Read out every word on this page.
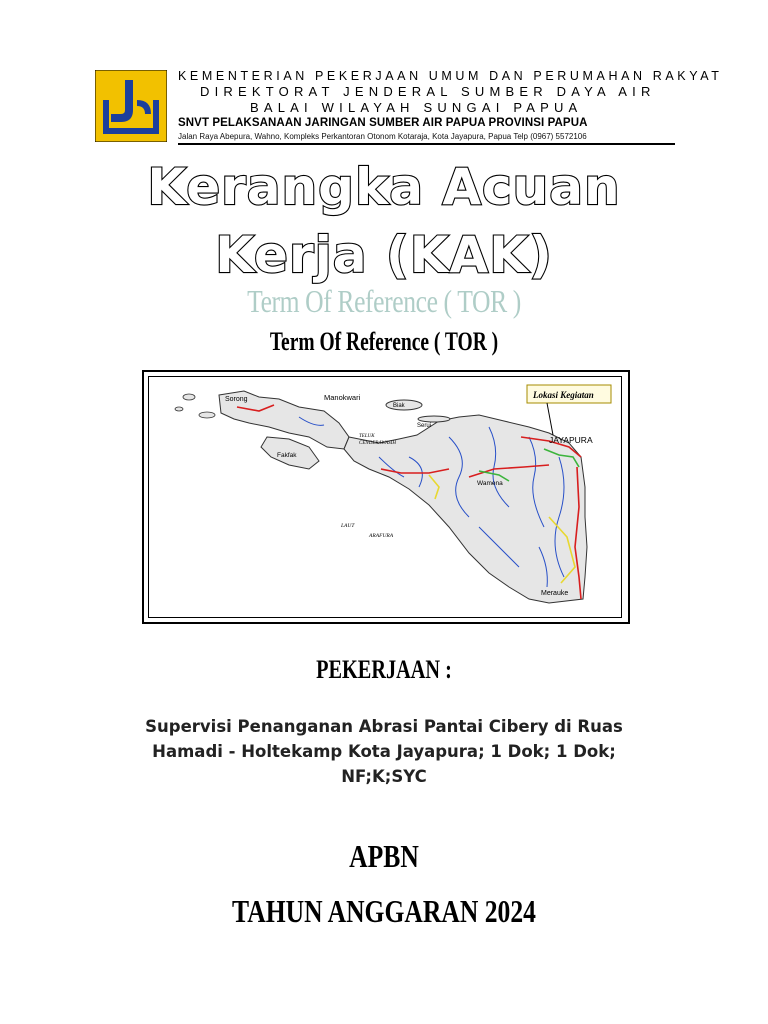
KEMENTERIAN PEKERJAAN UMUM DAN PERUMAHAN RAKYAT
DIREKTORAT JENDERAL SUMBER DAYA AIR
BALAI WILAYAH SUNGAI PAPUA
SNVT PELAKSANAAN JARINGAN SUMBER AIR PAPUA PROVINSI PAPUA
Jalan Raya Abepura, Wahno, Kompleks Perkantoran Otonom Kotaraja, Kota Jayapura, Papua Telp (0967) 5572106
Kerangka Acuan
Kerja (KAK)
Term Of Reference ( TOR )
Term Of Reference ( TOR )
Lokasi Kegiatan
Sorong	Manokwari
Biak
Serui
Fakfak
TELUK
CENDERAWASIH	JAYAPURA
Wamena
LAUT
ARAFURA
Merauke
PEKERJAAN :
Supervisi Penanganan Abrasi Pantai Cibery di Ruas
Hamadi - Holtekamp Kota Jayapura; 1 Dok; 1 Dok;
NF;K;SYC
APBN
TAHUN ANGGARAN 2024
